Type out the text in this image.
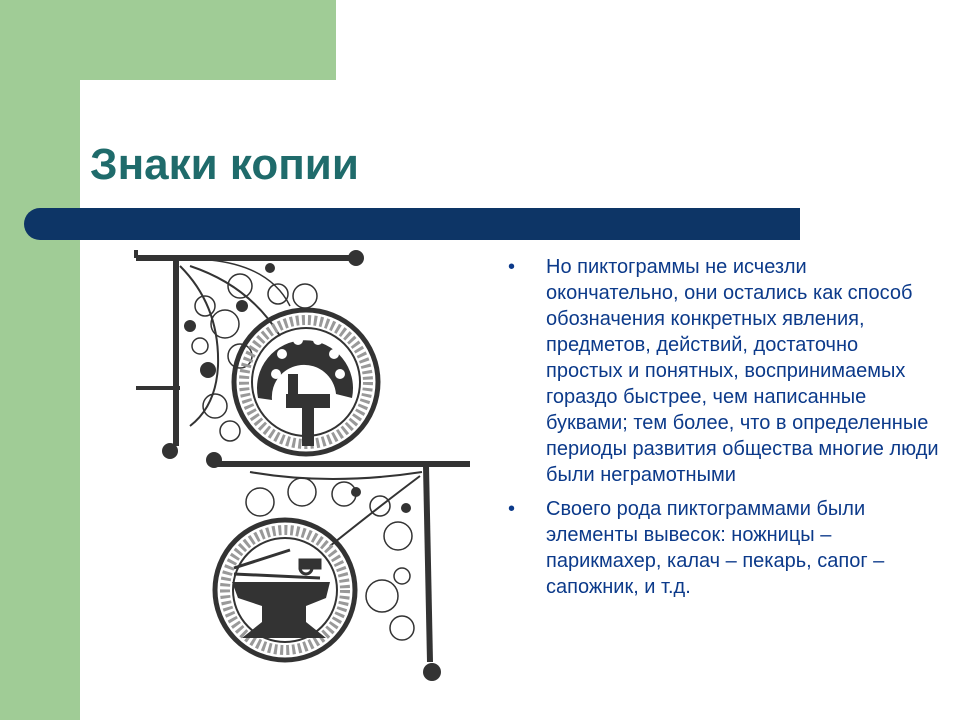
Знаки копии
• Но пиктограммы не исчезли окончательно, они остались как способ обозначения конкретных явления, предметов, действий, достаточно простых и понятных, воспринимаемых гораздо быстрее, чем написанные буквами; тем более, что в определенные периоды развития общества многие люди были неграмотными
• Своего рода пиктограммами были элементы вывесок: ножницы – парикмахер, калач – пекарь, сапог – сапожник, и т.д.
